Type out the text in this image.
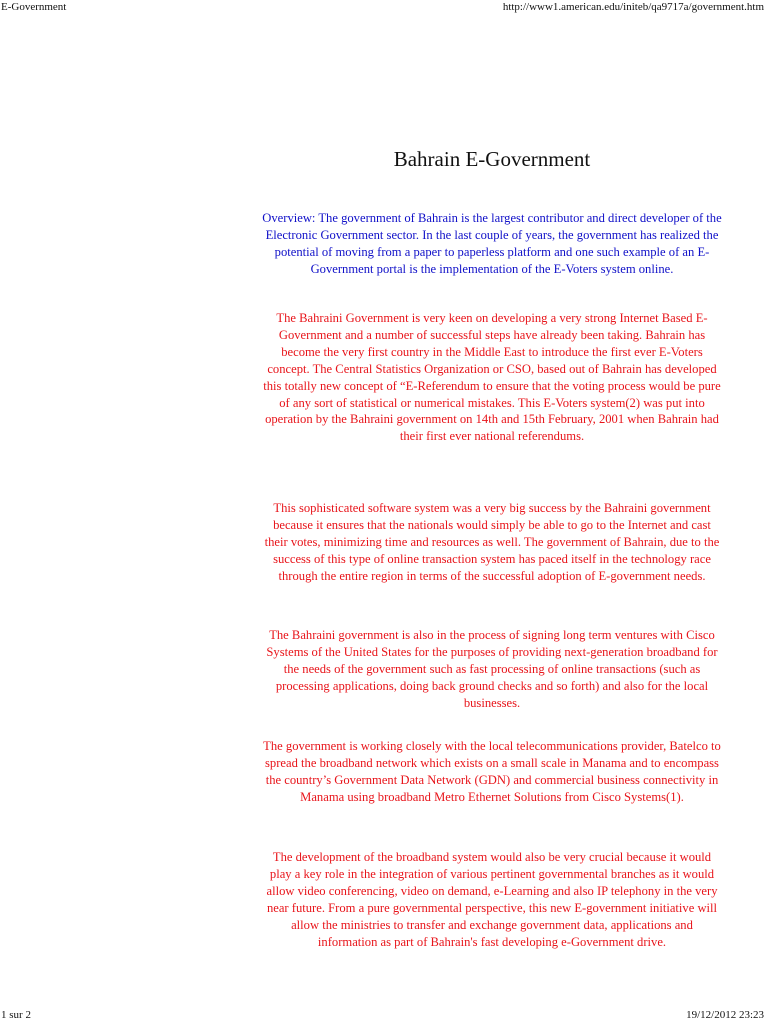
E-Government	http://www1.american.edu/initeb/qa9717a/government.htm
Bahrain E-Government
Overview: The government of Bahrain is the largest contributor and direct developer of the Electronic Government sector. In the last couple of years, the government has realized the potential of moving from a paper to paperless platform and one such example of an E-Government portal is the implementation of the E-Voters system online.
The Bahraini Government is very keen on developing a very strong Internet Based E-Government and a number of successful steps have already been taking. Bahrain has become the very first country in the Middle East to introduce the first ever E-Voters concept. The Central Statistics Organization or CSO, based out of Bahrain has developed this totally new concept of “E-Referendum to ensure that the voting process would be pure of any sort of statistical or numerical mistakes. This E-Voters system(2) was put into operation by the Bahraini government on 14th and 15th February, 2001 when Bahrain had their first ever national referendums.
This sophisticated software system was a very big success by the Bahraini government because it ensures that the nationals would simply be able to go to the Internet and cast their votes, minimizing time and resources as well. The government of Bahrain, due to the success of this type of online transaction system has paced itself in the technology race through the entire region in terms of the successful adoption of E-government needs.
The Bahraini government is also in the process of signing long term ventures with Cisco Systems of the United States for the purposes of providing next-generation broadband for the needs of the government such as fast processing of online transactions (such as processing applications, doing back ground checks and so forth) and also for the local businesses.
The government is working closely with the local telecommunications provider, Batelco to spread the broadband network which exists on a small scale in Manama and to encompass the country’s Government Data Network (GDN) and commercial business connectivity in Manama using broadband Metro Ethernet Solutions from Cisco Systems(1).
The development of the broadband system would also be very crucial because it would play a key role in the integration of various pertinent governmental branches as it would allow video conferencing, video on demand, e-Learning and also IP telephony in the very near future. From a pure governmental perspective, this new E-government initiative will allow the ministries to transfer and exchange government data, applications and information as part of Bahrain's fast developing e-Government drive.
1 sur 2	19/12/2012 23:23
